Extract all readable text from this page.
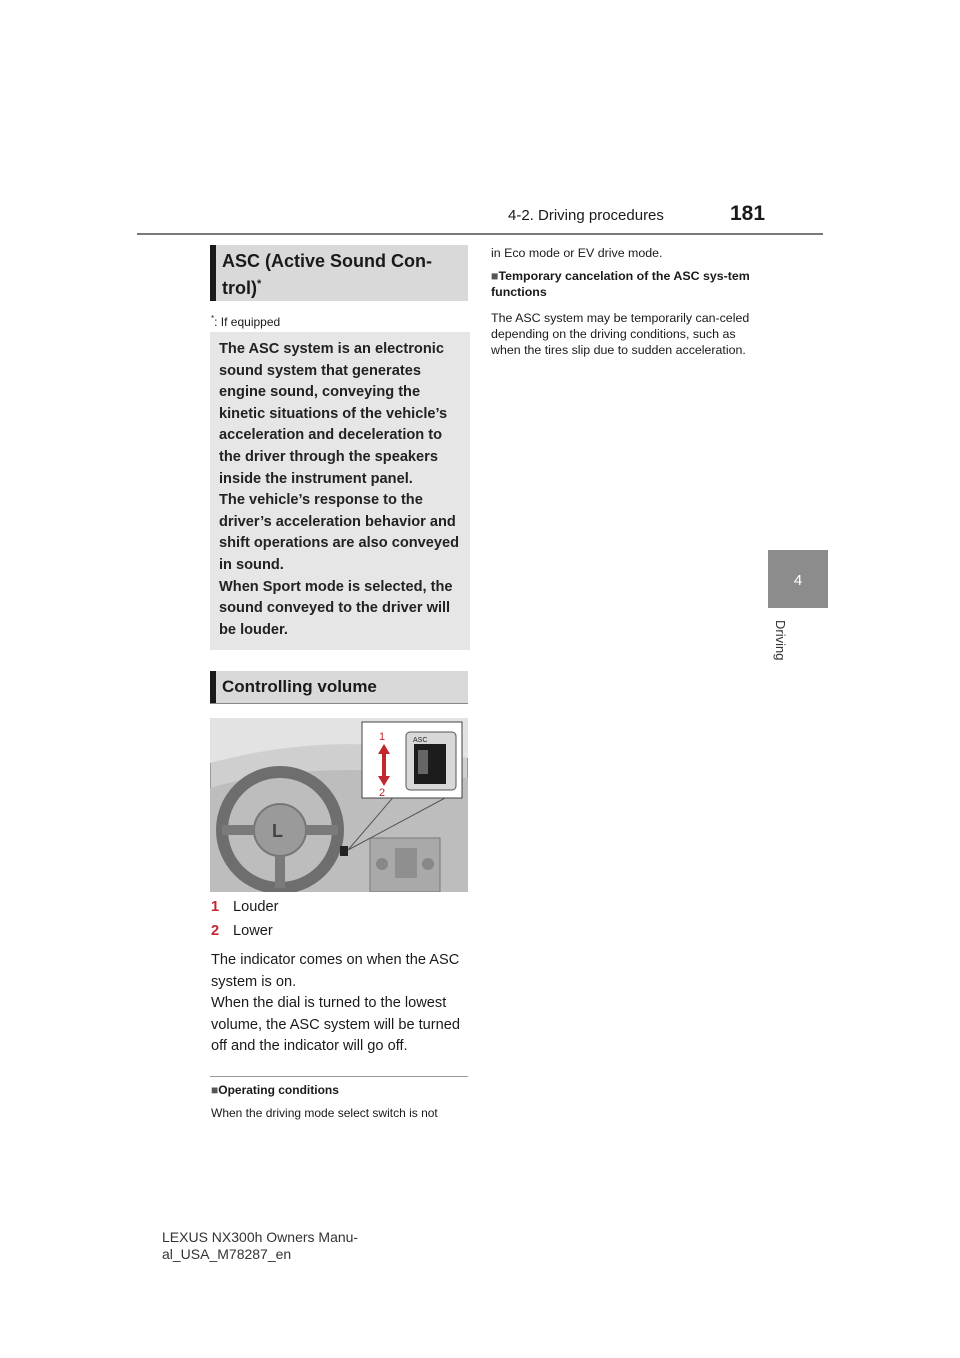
4-2. Driving procedures	181
4
Driving
ASC (Active Sound Con-trol)*
*: If equipped

The ASC system is an electronic sound system that generates engine sound, conveying the kinetic situations of the vehicle’s acceleration and deceleration to the driver through the speakers inside the instrument panel.

The vehicle’s response to the driver’s acceleration behavior and shift operations are also conveyed in sound.

When Sport mode is selected, the sound conveyed to the driver will be louder.

Controlling volume
L
ASC
1
2
1 Louder
2 Lower

The indicator comes on when the ASC system is on.

When the dial is turned to the lowest volume, the ASC system will be turned off and the indicator will go off.

■Operating conditions
When the driving mode select switch is not
in Eco mode or EV drive mode.
■Temporary cancelation of the ASC sys-tem functions
The ASC system may be temporarily can-celed depending on the driving conditions, such as when the tires slip due to sudden acceleration.
LEXUS NX300h Owners Manu-
al_USA_M78287_en
